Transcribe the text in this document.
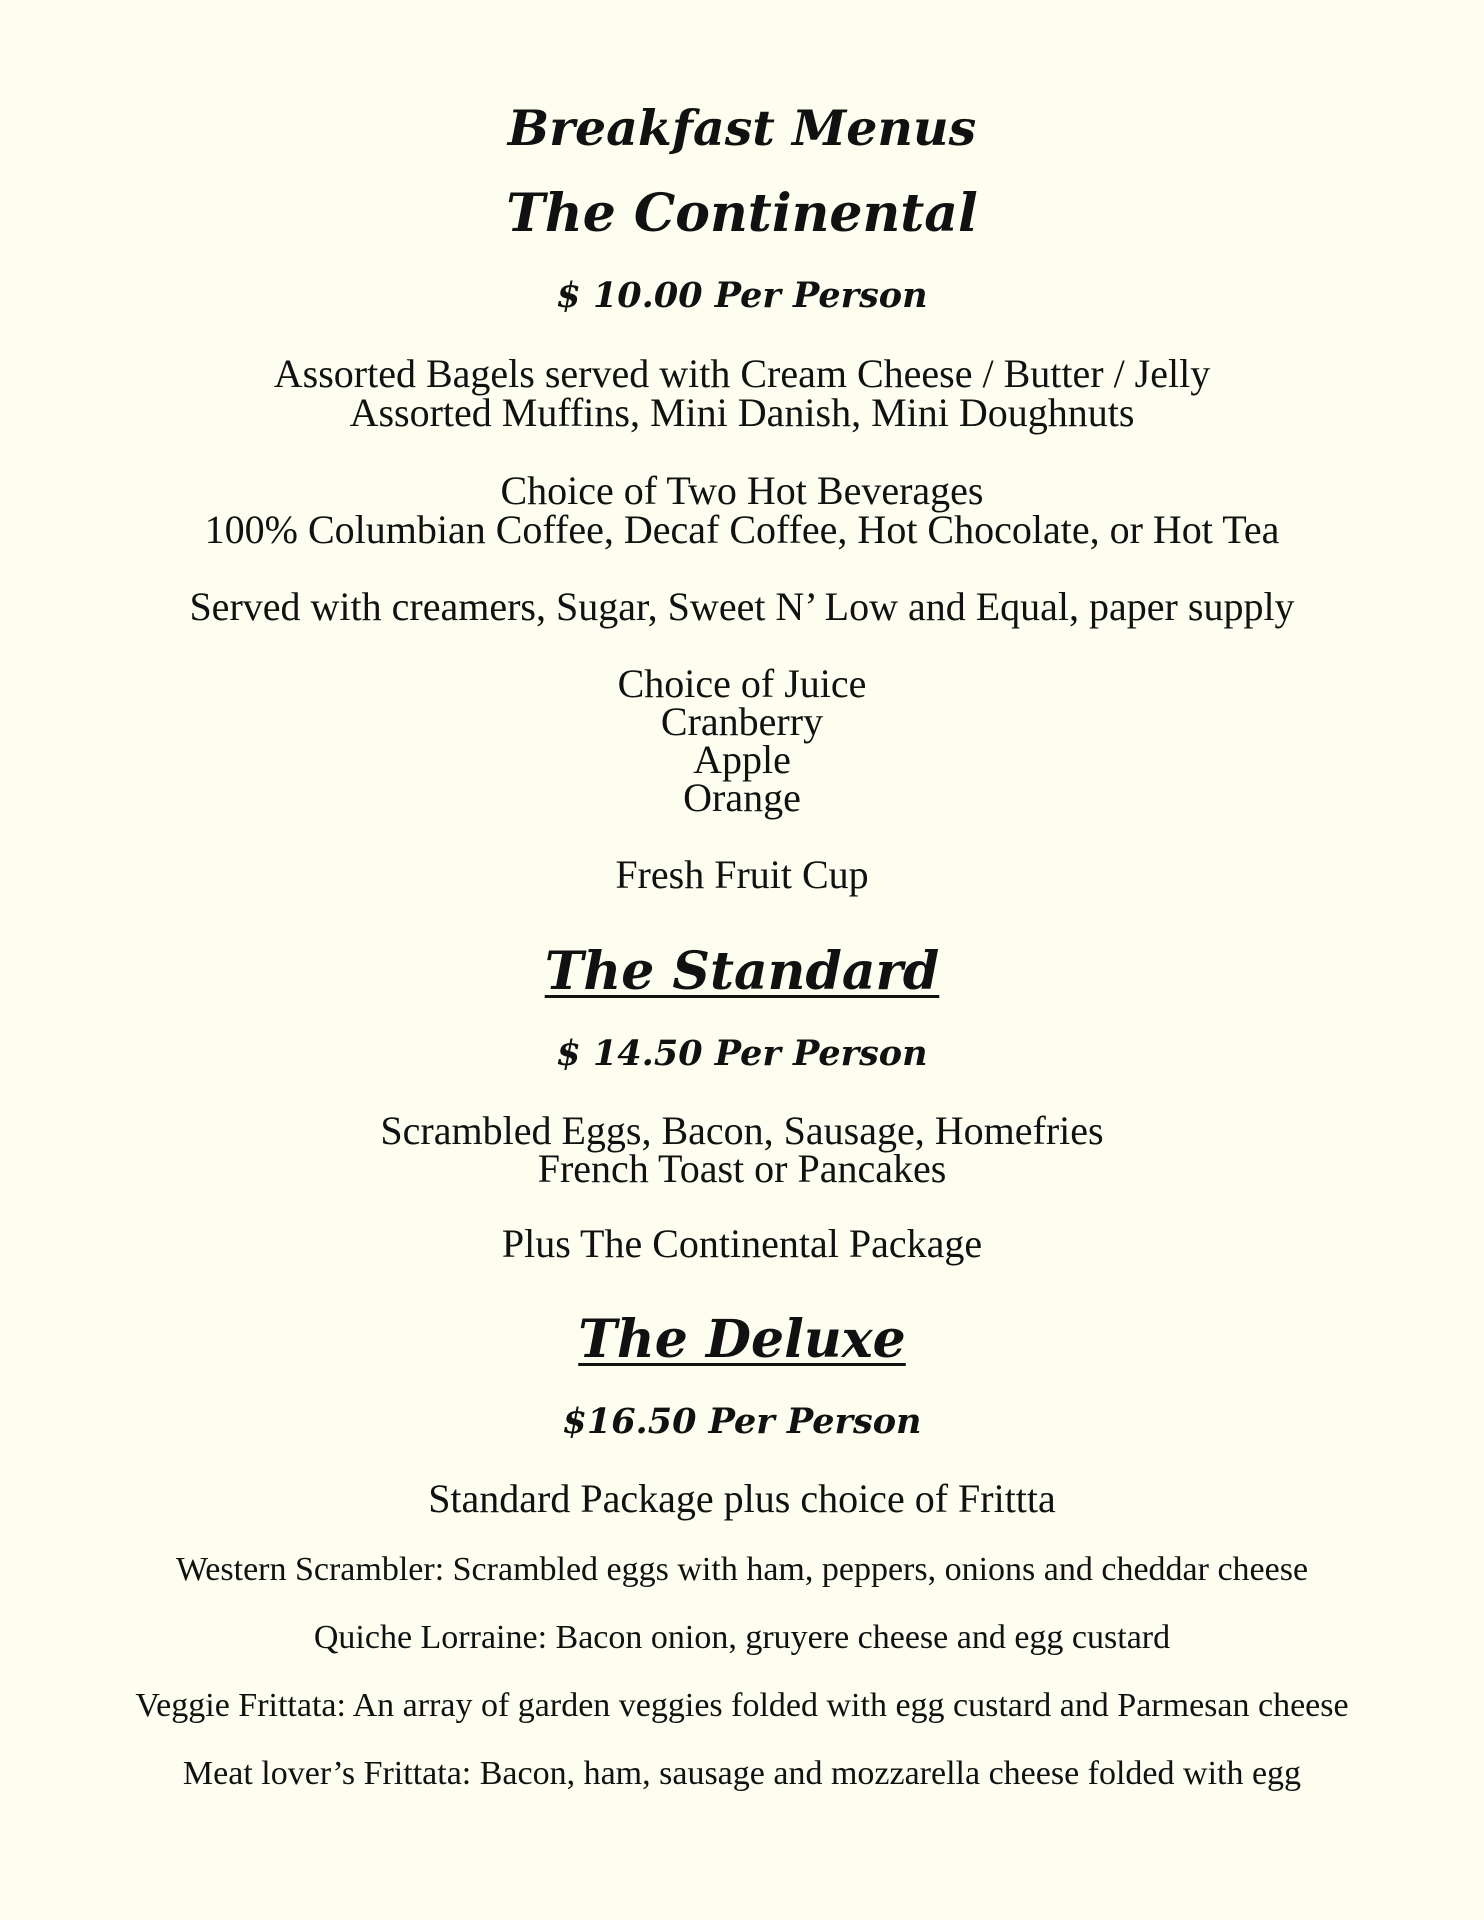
Breakfast Menus
The Continental
$ 10.00 Per Person
Assorted Bagels served with Cream Cheese / Butter / Jelly
Assorted Muffins, Mini Danish, Mini Doughnuts
Choice of Two Hot Beverages
100% Columbian Coffee, Decaf Coffee, Hot Chocolate, or Hot Tea
Served with creamers, Sugar, Sweet N’ Low and Equal, paper supply
Choice of Juice
Cranberry
Apple
Orange
Fresh Fruit Cup
The Standard
$ 14.50 Per Person
Scrambled Eggs, Bacon, Sausage, Homefries
French Toast or Pancakes
Plus The Continental Package
The Deluxe
$16.50 Per Person
Standard Package plus choice of Frittta
Western Scrambler: Scrambled eggs with ham, peppers, onions and cheddar cheese
Quiche Lorraine: Bacon onion, gruyere cheese and egg custard
Veggie Frittata: An array of garden veggies folded with egg custard and Parmesan cheese
Meat lover’s Frittata: Bacon, ham, sausage and mozzarella cheese folded with egg
